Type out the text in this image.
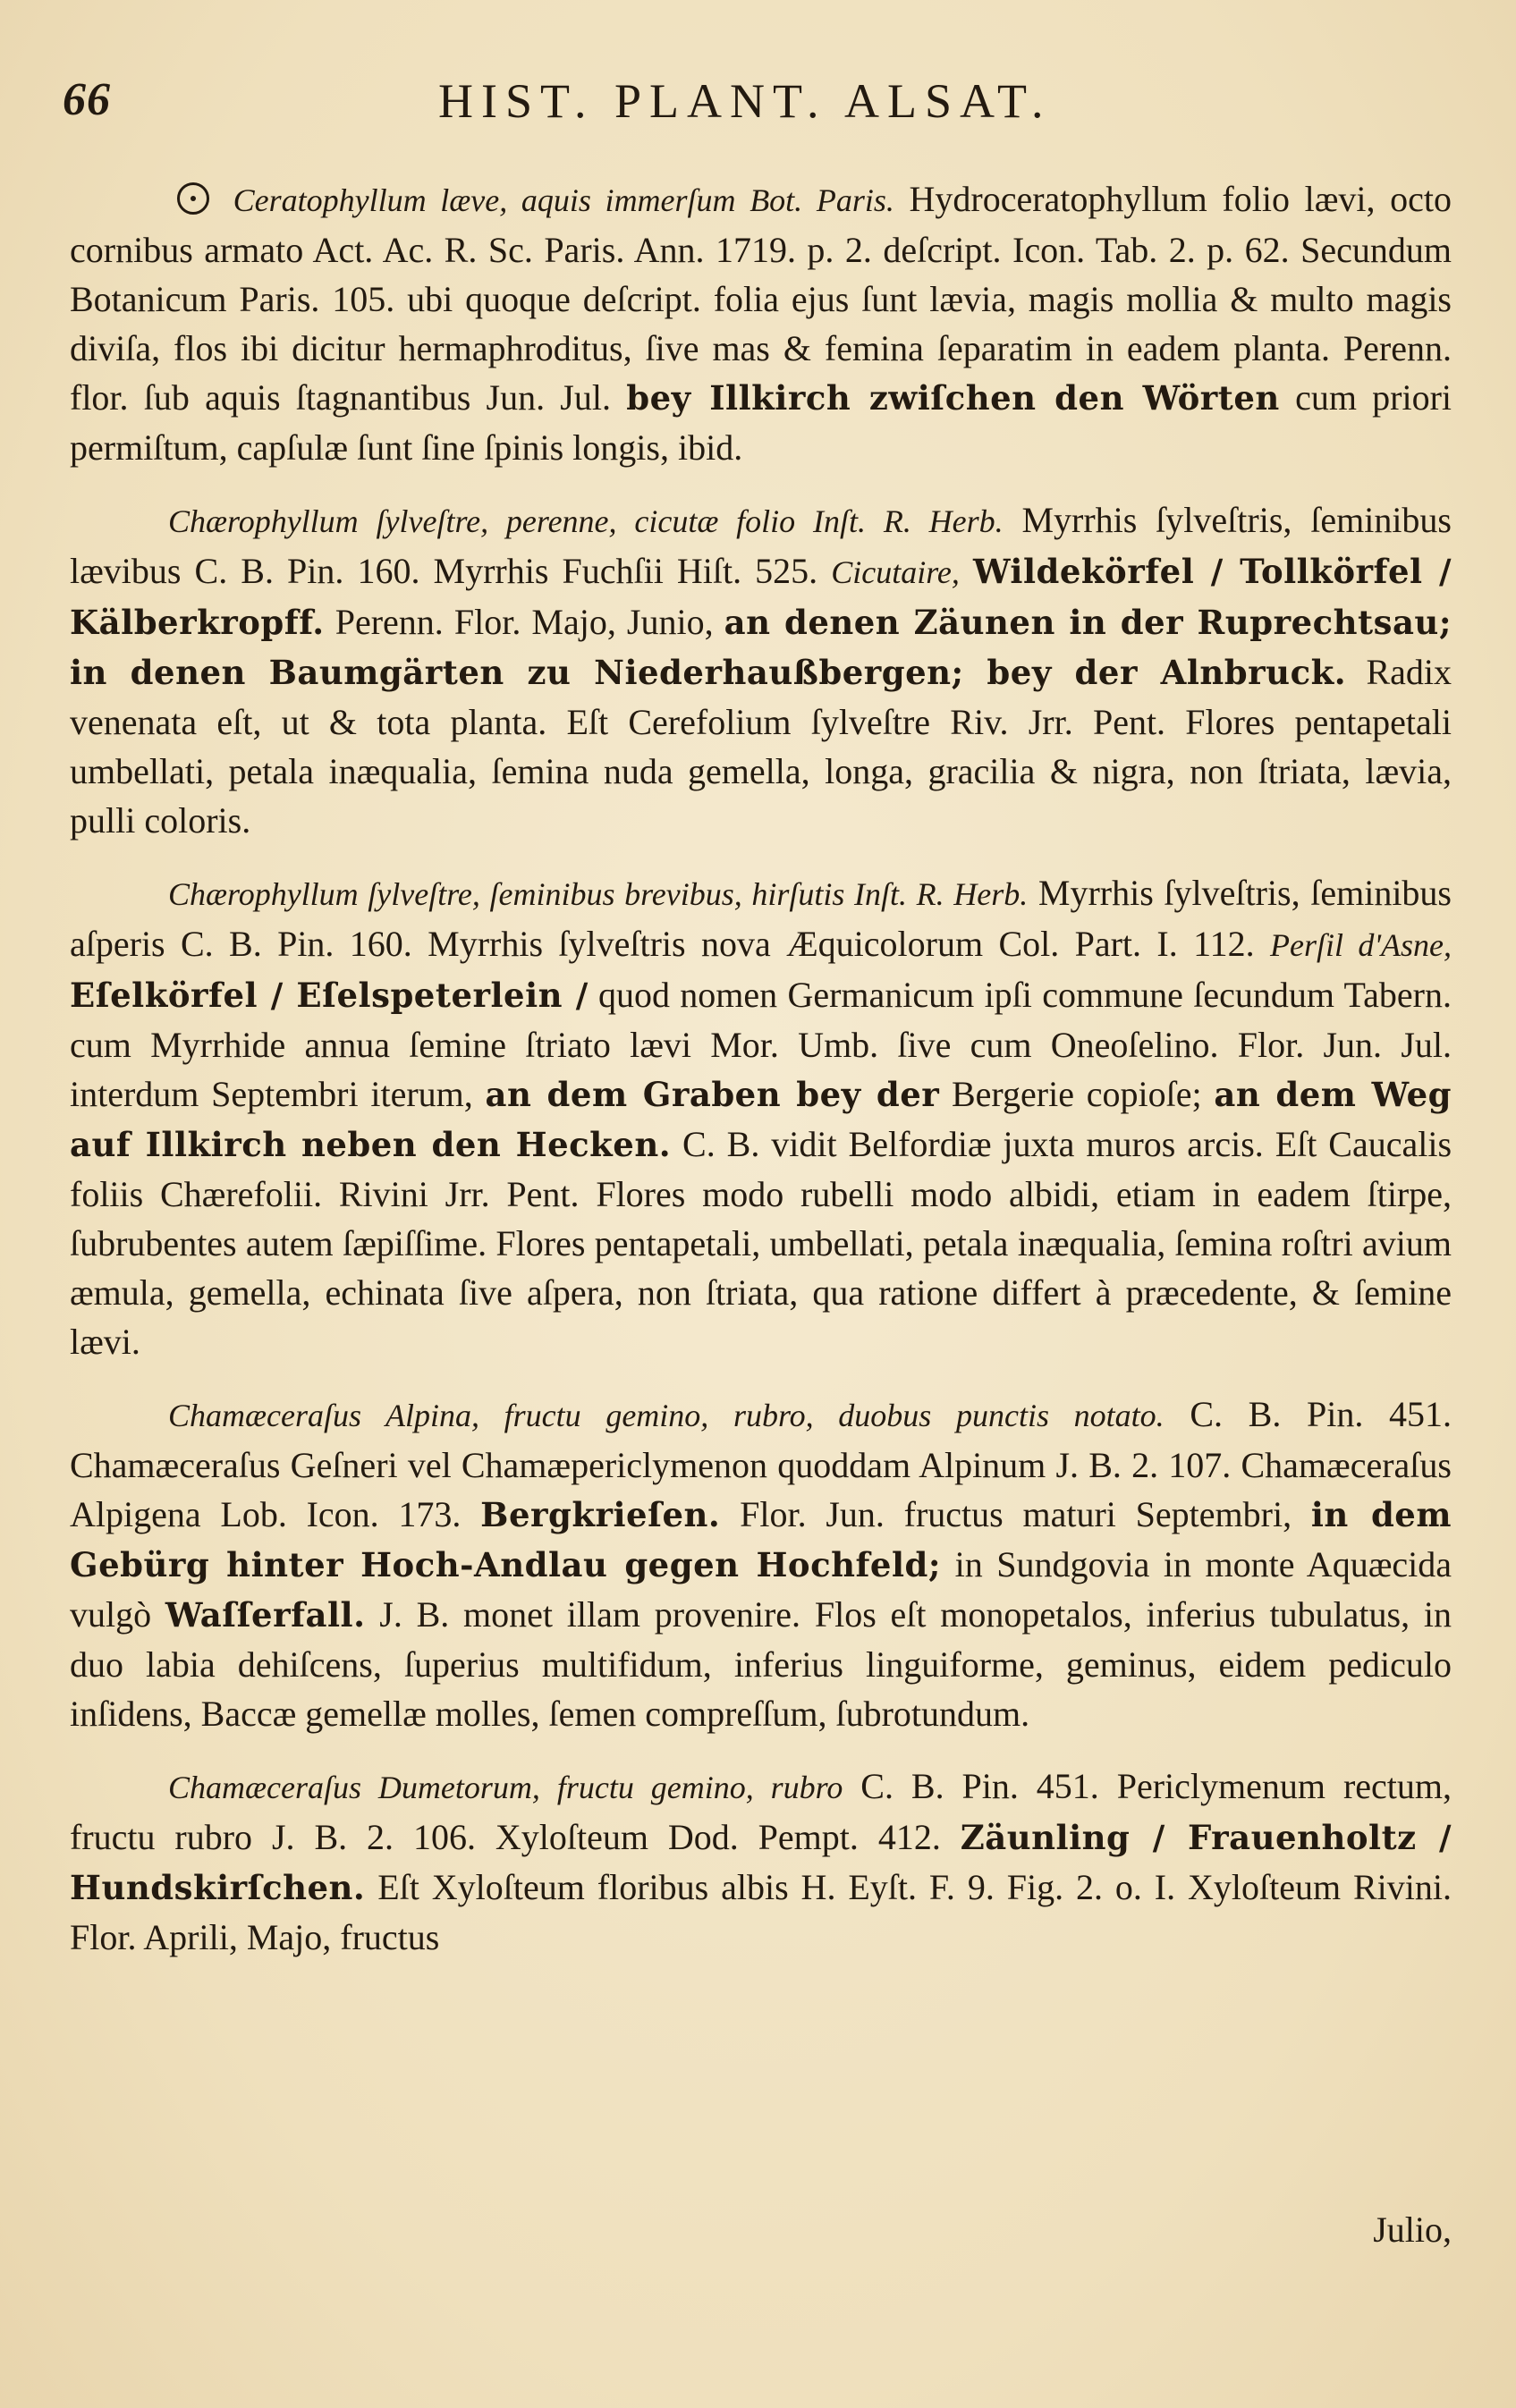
66	HIST. PLANT. ALSAT.

Ceratophyllum læve, aquis immerſum Bot. Paris. Hydroceratophyllum folio lævi, octo cornibus armato Act. Ac. R. Sc. Paris. Ann. 1719. p. 2. deſcript. Icon. Tab. 2. p. 62. Secundum Botanicum Paris. 105. ubi quoque deſcript. folia ejus ſunt lævia, magis mollia & multo magis diviſa, flos ibi dicitur hermaphroditus, ſive mas & femina ſeparatim in eadem planta. Perenn. flor. ſub aquis ſtagnantibus Jun. Jul. bey Illkirch zwiſchen den Wörten cum priori permiſtum, capſulæ ſunt ſine ſpinis longis, ibid.

Chærophyllum ſylveſtre, perenne, cicutæ folio Inſt. R. Herb. Myrrhis ſylveſtris, ſeminibus lævibus C. B. Pin. 160. Myrrhis Fuchſii Hiſt. 525. Cicutaire, Wildekörfel / Tollkörfel / Kälberkropff. Perenn. Flor. Majo, Junio, an denen Zäunen in der Ruprechtsau; in denen Baumgärten zu Niederhaußbergen; bey der Alnbruck. Radix venenata eſt, ut & tota planta. Eſt Cerefolium ſylveſtre Riv. Jrr. Pent. Flores pentapetali umbellati, petala inæqualia, ſemina nuda gemella, longa, gracilia & nigra, non ſtriata, lævia, pulli coloris.

Chærophyllum ſylveſtre, ſeminibus brevibus, hirſutis Inſt. R. Herb. Myrrhis ſylveſtris, ſeminibus aſperis C. B. Pin. 160. Myrrhis ſylveſtris nova Æquicolorum Col. Part. I. 112. Perſil d'Asne, Eſelkörfel / Eſelspeterlein / quod nomen Germanicum ipſi commune ſecundum Tabern. cum Myrrhide annua ſemine ſtriato lævi Mor. Umb. ſive cum Oneoſelino. Flor. Jun. Jul. interdum Septembri iterum, an dem Graben bey der Bergerie copioſe; an dem Weg auf Illkirch neben den Hecken. C. B. vidit Belfordiæ juxta muros arcis. Eſt Caucalis foliis Chærefolii. Rivini Jrr. Pent. Flores modo rubelli modo albidi, etiam in eadem ſtirpe, ſubrubentes autem ſæpiſſime. Flores pentapetali, umbellati, petala inæqualia, ſemina roſtri avium æmula, gemella, echinata ſive aſpera, non ſtriata, qua ratione differt à præcedente, & ſemine lævi.

Chamæceraſus Alpina, fructu gemino, rubro, duobus punctis notato. C. B. Pin. 451. Chamæceraſus Geſneri vel Chamæpericlymenon quoddam Alpinum J. B. 2. 107. Chamæceraſus Alpigena Lob. Icon. 173. Bergkrieſen. Flor. Jun. fructus maturi Septembri, in dem Gebürg hinter Hoch-Andlau gegen Hochfeld; in Sundgovia in monte Aquæcida vulgò Waſſerfall. J. B. monet illam provenire. Flos eſt monopetalos, inferius tubulatus, in duo labia dehiſcens, ſuperius multifidum, inferius linguiforme, geminus, eidem pediculo inſidens, Baccæ gemellæ molles, ſemen compreſſum, ſubrotundum.

Chamæceraſus Dumetorum, fructu gemino, rubro C. B. Pin. 451. Periclymenum rectum, fructu rubro J. B. 2. 106. Xyloſteum Dod. Pempt. 412. Zäunling / Frauenholtz / Hundskirſchen. Eſt Xyloſteum floribus albis H. Eyſt. F. 9. Fig. 2. o. I. Xyloſteum Rivini. Flor. Aprili, Majo, fructus

Julio,
